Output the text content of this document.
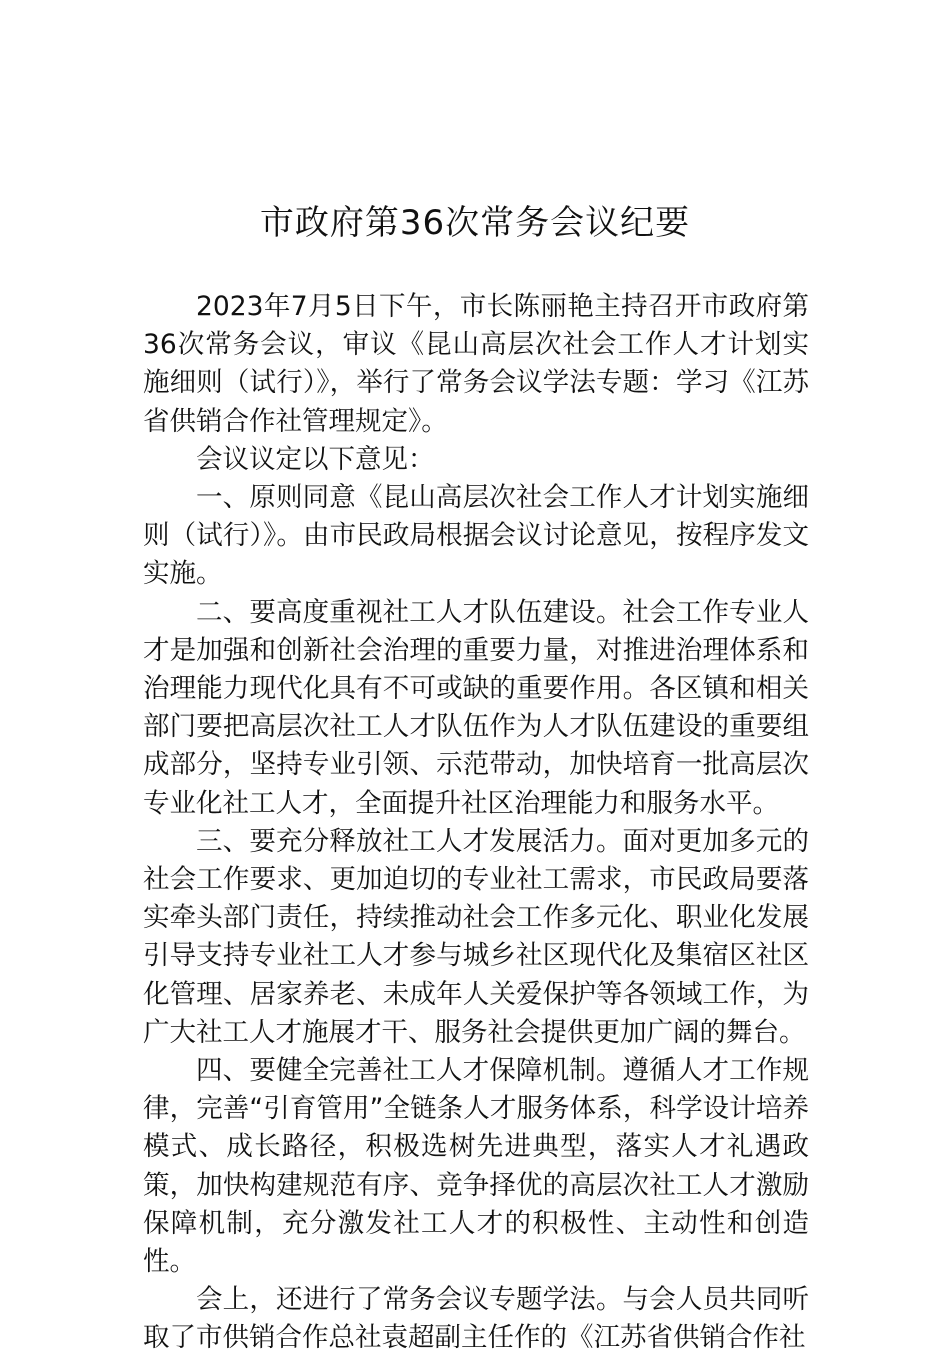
市政府第36次常务会议纪要

2023年7月5日下午，市长陈丽艳主持召开市政府第36次常务会议，审议《昆山高层次社会工作人才计划实施细则（试行）》，举行了常务会议学法专题：学习《江苏省供销合作社管理规定》。

会议议定以下意见：

一、原则同意《昆山高层次社会工作人才计划实施细则（试行）》。由市民政局根据会议讨论意见，按程序发文实施。

二、要高度重视社工人才队伍建设。社会工作专业人才是加强和创新社会治理的重要力量，对推进治理体系和治理能力现代化具有不可或缺的重要作用。各区镇和相关部门要把高层次社工人才队伍作为人才队伍建设的重要组成部分，坚持专业引领、示范带动，加快培育一批高层次专业化社工人才，全面提升社区治理能力和服务水平。

三、要充分释放社工人才发展活力。面对更加多元的社会工作要求、更加迫切的专业社工需求，市民政局要落实牵头部门责任，持续推动社会工作多元化、职业化发展引导支持专业社工人才参与城乡社区现代化及集宿区社区化管理、居家养老、未成年人关爱保护等各领域工作，为广大社工人才施展才干、服务社会提供更加广阔的舞台。

四、要健全完善社工人才保障机制。遵循人才工作规律，完善“引育管用”全链条人才服务体系，科学设计培养模式、成长路径，积极选树先进典型，落实人才礼遇政策，加快构建规范有序、竞争择优的高层次社工人才激励保障机制，充分激发社工人才的积极性、主动性和创造性。

会上，还进行了常务会议专题学法。与会人员共同听取了市供销合作总社袁超副主任作的《江苏省供销合作社
